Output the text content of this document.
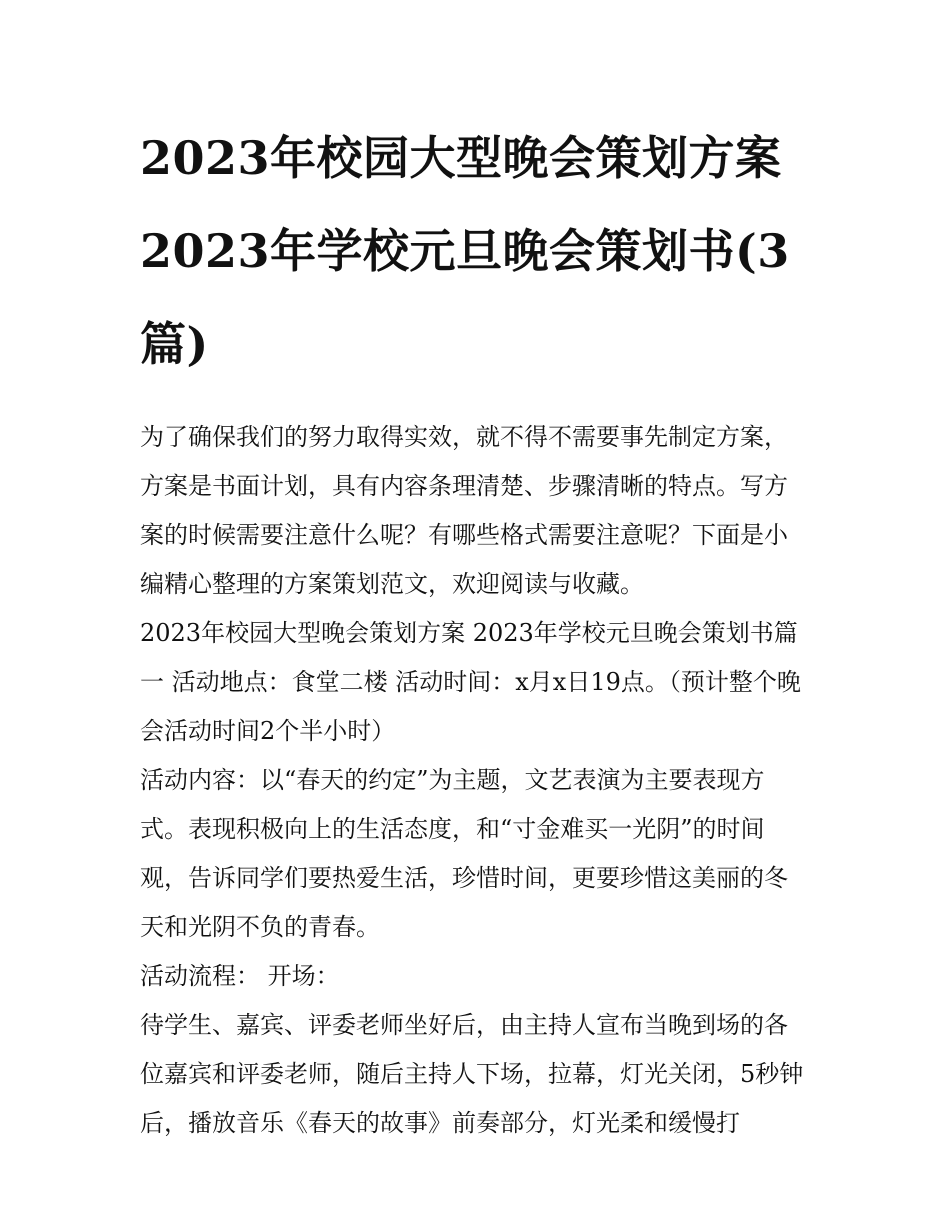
2023年校园大型晚会策划方案 2023年学校元旦晚会策划书(3篇)

为了确保我们的努力取得实效，就不得不需要事先制定方案，方案是书面计划，具有内容条理清楚、步骤清晰的特点。写方案的时候需要注意什么呢？有哪些格式需要注意呢？下面是小编精心整理的方案策划范文，欢迎阅读与收藏。

2023年校园大型晚会策划方案 2023年学校元旦晚会策划书篇一 活动地点：食堂二楼 活动时间：x月x日19点。（预计整个晚会活动时间2个半小时）

活动内容：以“春天的约定”为主题，文艺表演为主要表现方式。表现积极向上的生活态度，和“寸金难买一光阴”的时间观，告诉同学们要热爱生活，珍惜时间，更要珍惜这美丽的冬天和光阴不负的青春。

活动流程： 开场：

待学生、嘉宾、评委老师坐好后，由主持人宣布当晚到场的各位嘉宾和评委老师，随后主持人下场，拉幕，灯光关闭，5秒钟后，播放音乐《春天的故事》前奏部分，灯光柔和缓慢打
